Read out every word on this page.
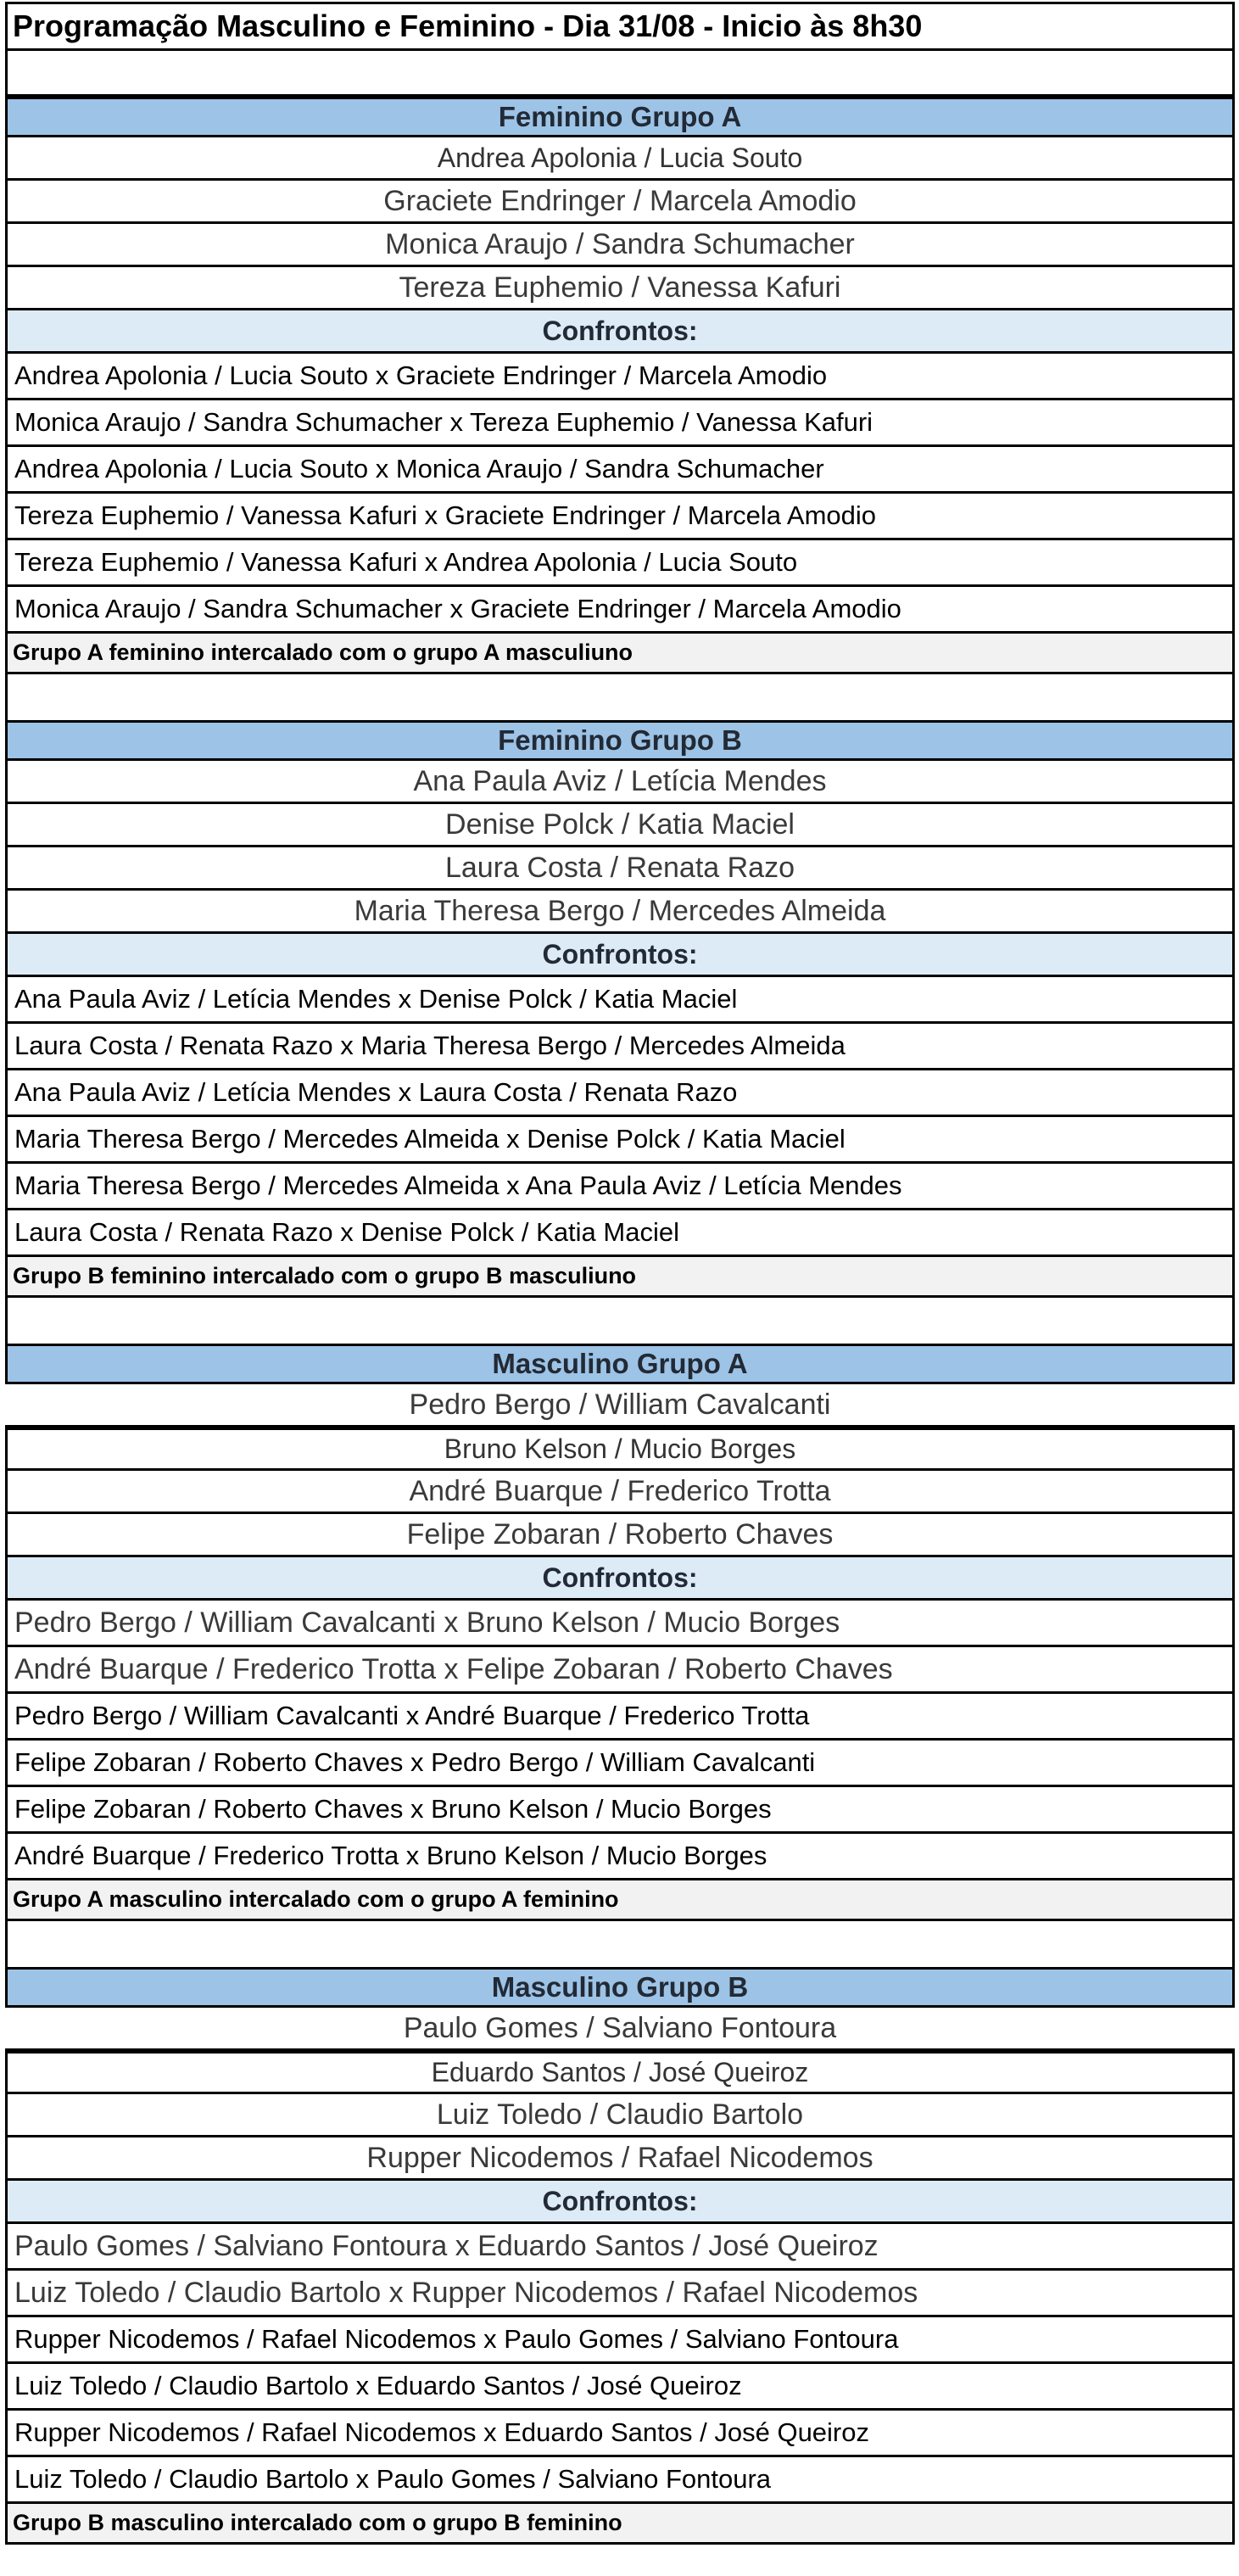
Programação Masculino e Feminino - Dia 31/08 - Inicio às 8h30
Feminino Grupo A
Andrea Apolonia / Lucia Souto
Graciete Endringer / Marcela Amodio
Monica Araujo / Sandra Schumacher
Tereza Euphemio / Vanessa Kafuri
Confrontos:
Andrea Apolonia / Lucia Souto x Graciete Endringer / Marcela Amodio
Monica Araujo / Sandra Schumacher x Tereza Euphemio / Vanessa Kafuri
Andrea Apolonia / Lucia Souto x Monica Araujo / Sandra Schumacher
Tereza Euphemio / Vanessa Kafuri x Graciete Endringer / Marcela Amodio
Tereza Euphemio / Vanessa Kafuri x Andrea Apolonia / Lucia Souto
Monica Araujo / Sandra Schumacher x Graciete Endringer / Marcela Amodio
Grupo A feminino intercalado com o grupo A masculiuno
Feminino Grupo B
Ana Paula Aviz / Letícia Mendes
Denise Polck / Katia Maciel
Laura Costa / Renata Razo
Maria Theresa Bergo / Mercedes Almeida
Confrontos:
Ana Paula Aviz / Letícia Mendes x Denise Polck / Katia Maciel
Laura Costa / Renata Razo x Maria Theresa Bergo / Mercedes Almeida
Ana Paula Aviz / Letícia Mendes x Laura Costa / Renata Razo
Maria Theresa Bergo / Mercedes Almeida x Denise Polck / Katia Maciel
Maria Theresa Bergo / Mercedes Almeida x Ana Paula Aviz / Letícia Mendes
Laura Costa / Renata Razo x Denise Polck / Katia Maciel
Grupo B feminino intercalado com o grupo B masculiuno
Masculino Grupo A
Pedro Bergo / William Cavalcanti
Bruno Kelson / Mucio Borges
André Buarque / Frederico Trotta
Felipe Zobaran / Roberto Chaves
Confrontos:
Pedro Bergo / William Cavalcanti x Bruno Kelson / Mucio Borges
André Buarque / Frederico Trotta x Felipe Zobaran / Roberto Chaves
Pedro Bergo / William Cavalcanti x André Buarque / Frederico Trotta
Felipe Zobaran / Roberto Chaves x Pedro Bergo / William Cavalcanti
Felipe Zobaran / Roberto Chaves x Bruno Kelson / Mucio Borges
André Buarque / Frederico Trotta x Bruno Kelson / Mucio Borges
Grupo A masculino intercalado com o grupo A feminino
Masculino Grupo B
Paulo Gomes / Salviano Fontoura
Eduardo Santos / José Queiroz
Luiz Toledo / Claudio Bartolo
Rupper Nicodemos / Rafael Nicodemos
Confrontos:
Paulo Gomes / Salviano Fontoura x Eduardo Santos / José Queiroz
Luiz Toledo / Claudio Bartolo x Rupper Nicodemos / Rafael Nicodemos
Rupper Nicodemos / Rafael Nicodemos x Paulo Gomes / Salviano Fontoura
Luiz Toledo / Claudio Bartolo x Eduardo Santos / José Queiroz
Rupper Nicodemos / Rafael Nicodemos x Eduardo Santos / José Queiroz
Luiz Toledo / Claudio Bartolo x Paulo Gomes / Salviano Fontoura
Grupo B masculino intercalado com o grupo B feminino
